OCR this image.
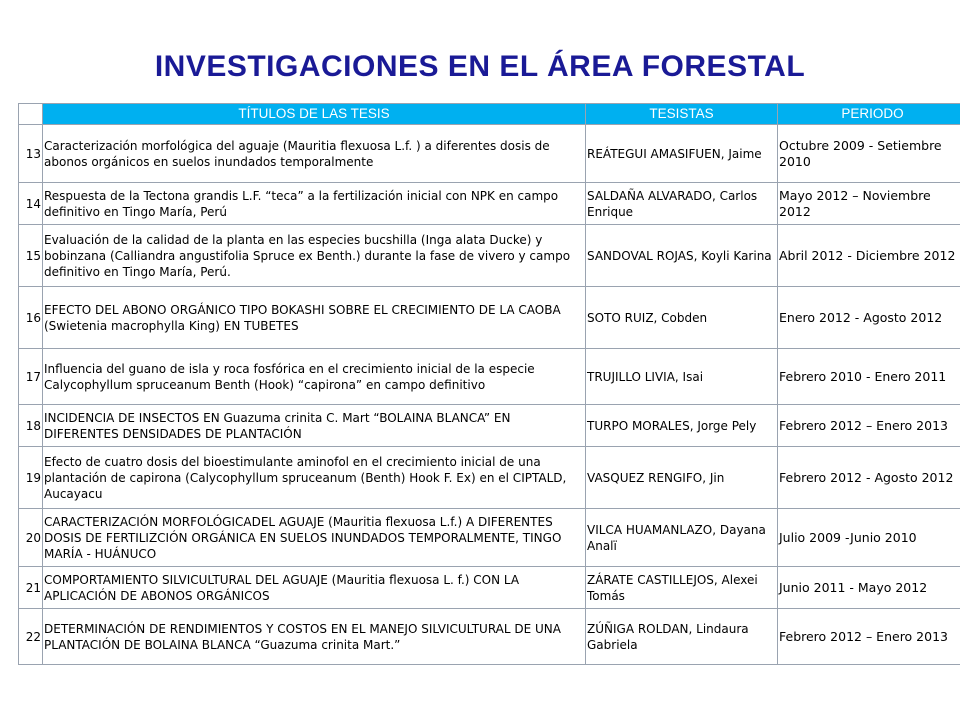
INVESTIGACIONES EN EL ÁREA FORESTAL
	TÍTULOS DE LAS TESIS	TESISTAS	PERIODO
13	Caracterización morfológica del aguaje (Mauritia flexuosa L.f. ) a diferentes dosis de abonos orgánicos en suelos inundados temporalmente	REÁTEGUI AMASIFUEN, Jaime	Octubre 2009 - Setiembre 2010
14	Respuesta de la Tectona grandis L.F. “teca” a la fertilización inicial con NPK en campo definitivo en Tingo María, Perú	SALDAÑA ALVARADO, Carlos Enrique	Mayo 2012 – Noviembre 2012
15	Evaluación de la calidad de la planta en las especies bucshilla (Inga alata Ducke) y bobinzana (Calliandra angustifolia Spruce ex Benth.) durante la fase de vivero y campo definitivo en Tingo María, Perú.	SANDOVAL ROJAS, Koyli Karina	Abril 2012 - Diciembre 2012
16	EFECTO DEL ABONO ORGÁNICO TIPO BOKASHI SOBRE EL CRECIMIENTO DE LA CAOBA (Swietenia macrophylla King) EN TUBETES	SOTO RUIZ, Cobden	Enero 2012 - Agosto 2012
17	Influencia del guano de isla y roca fosfórica en el crecimiento inicial de la especie Calycophyllum spruceanum Benth (Hook) “capirona” en campo definitivo	TRUJILLO LIVIA, Isai	Febrero 2010 - Enero 2011
18	INCIDENCIA DE INSECTOS EN Guazuma crinita C. Mart “BOLAINA BLANCA” EN DIFERENTES DENSIDADES DE PLANTACIÓN	TURPO MORALES, Jorge Pely	Febrero 2012 – Enero 2013
19	Efecto de cuatro dosis del bioestimulante aminofol en el crecimiento inicial de una plantación de capirona (Calycophyllum spruceanum (Benth) Hook F. Ex) en el CIPTALD, Aucayacu	VASQUEZ RENGIFO, Jin	Febrero 2012 - Agosto 2012
20	CARACTERIZACIÓN MORFOLÓGICADEL AGUAJE (Mauritia flexuosa L.f.) A DIFERENTES DOSIS DE FERTILIZCIÓN ORGÁNICA EN SUELOS INUNDADOS TEMPORALMENTE, TINGO MARÍA - HUÁNUCO	VILCA HUAMANLAZO, Dayana Analï	Julio 2009 -Junio 2010
21	COMPORTAMIENTO SILVICULTURAL DEL AGUAJE (Mauritia flexuosa L. f.) CON LA APLICACIÓN DE ABONOS ORGÁNICOS	ZÁRATE CASTILLEJOS, Alexei Tomás	Junio 2011 - Mayo 2012
22	DETERMINACIÓN DE RENDIMIENTOS Y COSTOS EN EL MANEJO SILVICULTURAL DE UNA PLANTACIÓN DE BOLAINA BLANCA “Guazuma crinita Mart.”	ZÚÑIGA ROLDAN, Lindaura Gabriela	Febrero 2012 – Enero 2013
